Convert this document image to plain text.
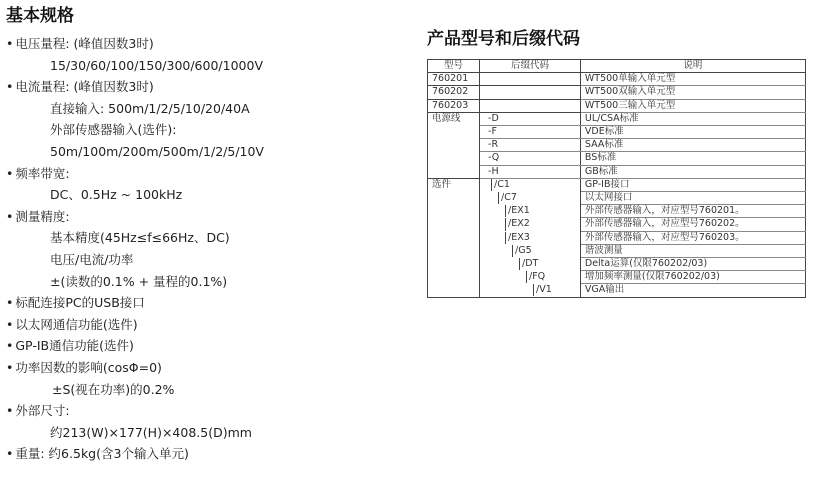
基本规格
• 电压量程: (峰值因数3时)
15/30/60/100/150/300/600/1000V
• 电流量程: (峰值因数3时)
直接输入: 500m/1/2/5/10/20/40A
外部传感器输入(选件):
50m/100m/200m/500m/1/2/5/10V
• 频率带宽:
DC、0.5Hz ~ 100kHz
• 测量精度:
基本精度(45Hz≤f≤66Hz、DC)
电压/电流/功率
±(读数的0.1% + 量程的0.1%)
• 标配连接PC的USB接口
• 以太网通信功能(选件)
• GP-IB通信功能(选件)
• 功率因数的影响(cosΦ=0)
±S(视在功率)的0.2%
• 外部尺寸:
约213(W)×177(H)×408.5(D)mm
• 重量: 约6.5kg(含3个输入单元)
产品型号和后缀代码
型号	后缀代码	说明
760201		WT500单输入单元型
760202		WT500双输入单元型
760203		WT500三输入单元型
电源线	-D	UL/CSA标准
	-F	VDE标准
	-R	SAA标准
	-Q	BS标准
	-H	GB标准
选件	/C1	GP-IB接口
	/C7	以太网接口
	/EX1	外部传感器输入，对应型号760201。
	/EX2	外部传感器输入，对应型号760202。
	/EX3	外部传感器输入，对应型号760203。
	/G5	谐波测量
	/DT	Delta运算(仅限760202/03)
	/FQ	增加频率测量(仅限760202/03)
	/V1	VGA输出
